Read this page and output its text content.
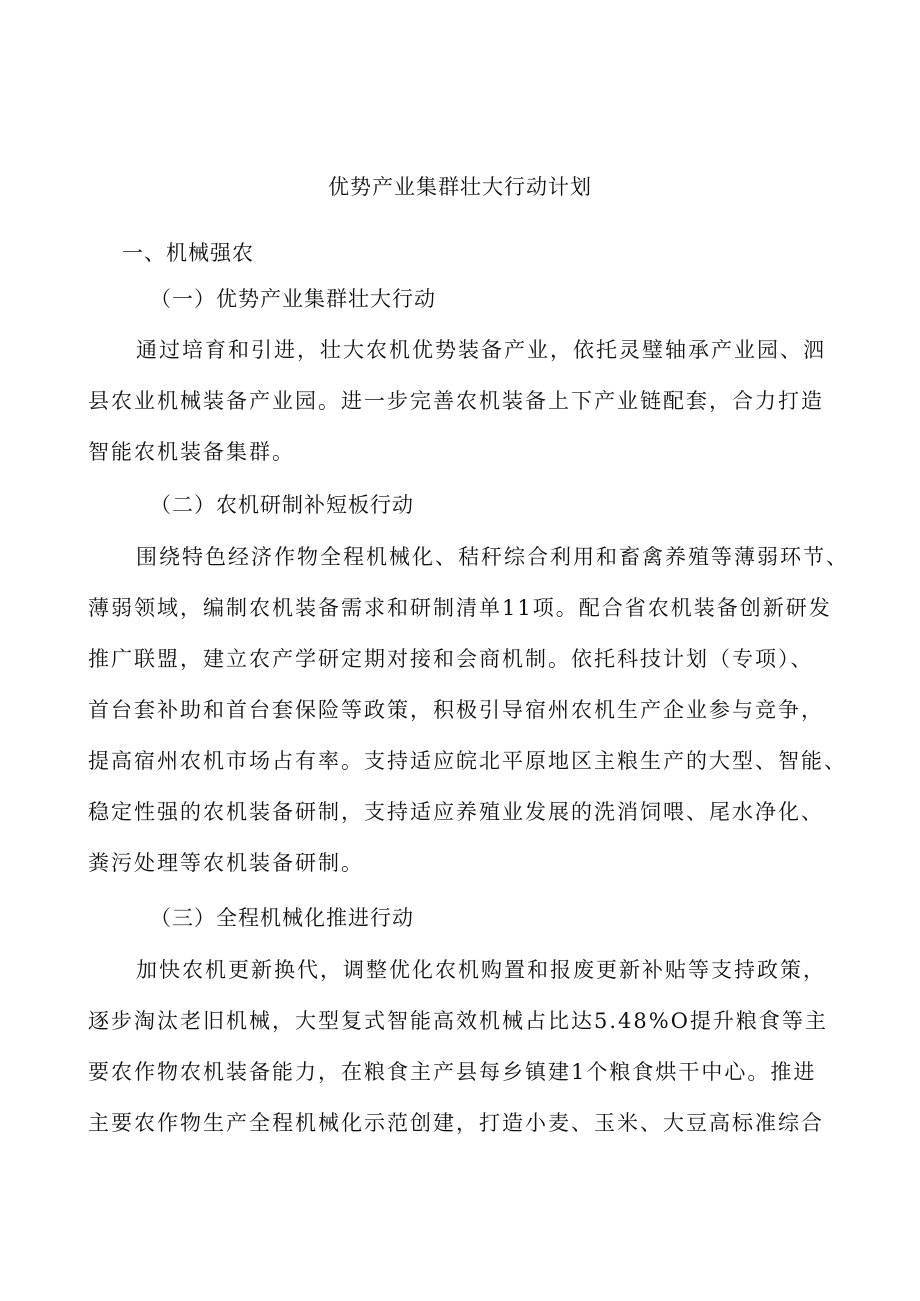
优势产业集群壮大行动计划
一、机械强农
（一）优势产业集群壮大行动
通过培育和引进，壮大农机优势装备产业，依托灵璧轴承产业园、泗
县农业机械装备产业园。进一步完善农机装备上下产业链配套，合力打造
智能农机装备集群。
（二）农机研制补短板行动
围绕特色经济作物全程机械化、秸秆综合利用和畜禽养殖等薄弱环节、
薄弱领域，编制农机装备需求和研制清单11项。配合省农机装备创新研发
推广联盟，建立农产学研定期对接和会商机制。依托科技计划（专项）、
首台套补助和首台套保险等政策，积极引导宿州农机生产企业参与竞争，
提高宿州农机市场占有率。支持适应皖北平原地区主粮生产的大型、智能、
稳定性强的农机装备研制，支持适应养殖业发展的洗消饲喂、尾水净化、
粪污处理等农机装备研制。
（三）全程机械化推进行动
加快农机更新换代，调整优化农机购置和报废更新补贴等支持政策，
逐步淘汰老旧机械，大型复式智能高效机械占比达5.48%O提升粮食等主
要农作物农机装备能力，在粮食主产县每乡镇建1个粮食烘干中心。推进
主要农作物生产全程机械化示范创建，打造小麦、玉米、大豆高标准综合
